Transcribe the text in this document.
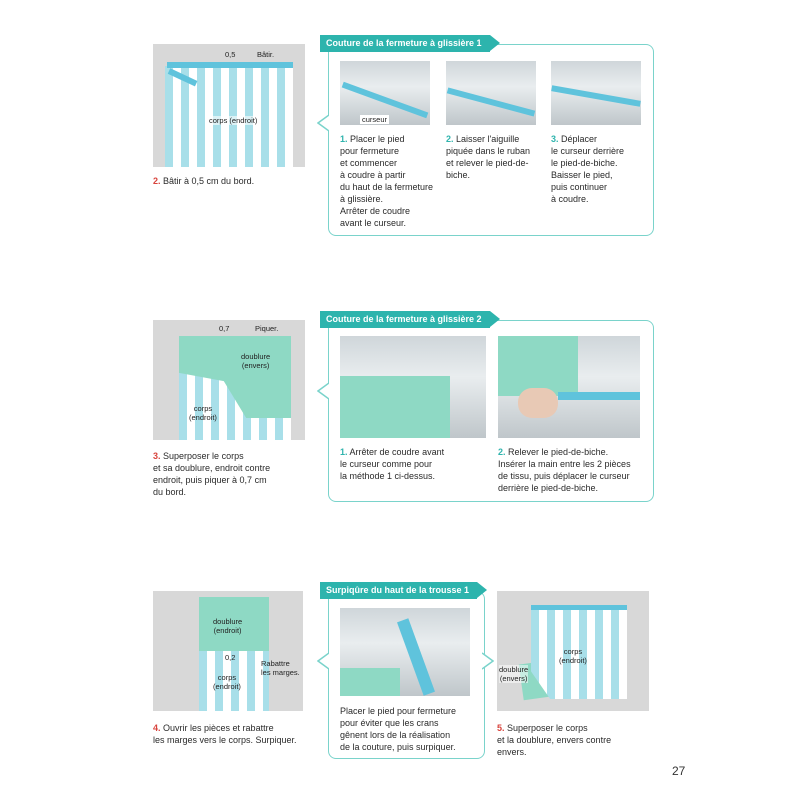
0,5	Bâtir.
corps (endroit)
2. Bâtir à 0,5 cm du bord.
Couture de la fermeture à glissière 1
curseur
1. Placer le pied
pour fermeture
et commencer
à coudre à partir
du haut de la fermeture
à glissière.
Arrêter de coudre
avant le curseur.
2. Laisser l'aiguille
piquée dans le ruban
et relever le pied-de-
biche.
3. Déplacer
le curseur derrière
le pied-de-biche.
Baisser le pied,
puis continuer
à coudre.
0,7	Piquer.
doublure
(envers)
corps
(endroit)
3. Superposer le corps
et sa doublure, endroit contre
endroit, puis piquer à 0,7 cm
du bord.
Couture de la fermeture à glissière 2
1. Arrêter de coudre avant
le curseur comme pour
la méthode 1 ci-dessus.
2. Relever le pied-de-biche.
Insérer la main entre les 2 pièces
de tissu, puis déplacer le curseur
derrière le pied-de-biche.
doublure
(endroit)
0,2
corps
(endroit)
Rabattre
les marges.
4. Ouvrir les pièces et rabattre
les marges vers le corps. Surpiquer.
Surpiqûre du haut de la trousse 1
Placer le pied pour fermeture
pour éviter que les crans
gênent lors de la réalisation
de la couture, puis surpiquer.
corps
(endroit)
doublure
(envers)
5. Superposer le corps
et la doublure, envers contre
envers.
27
